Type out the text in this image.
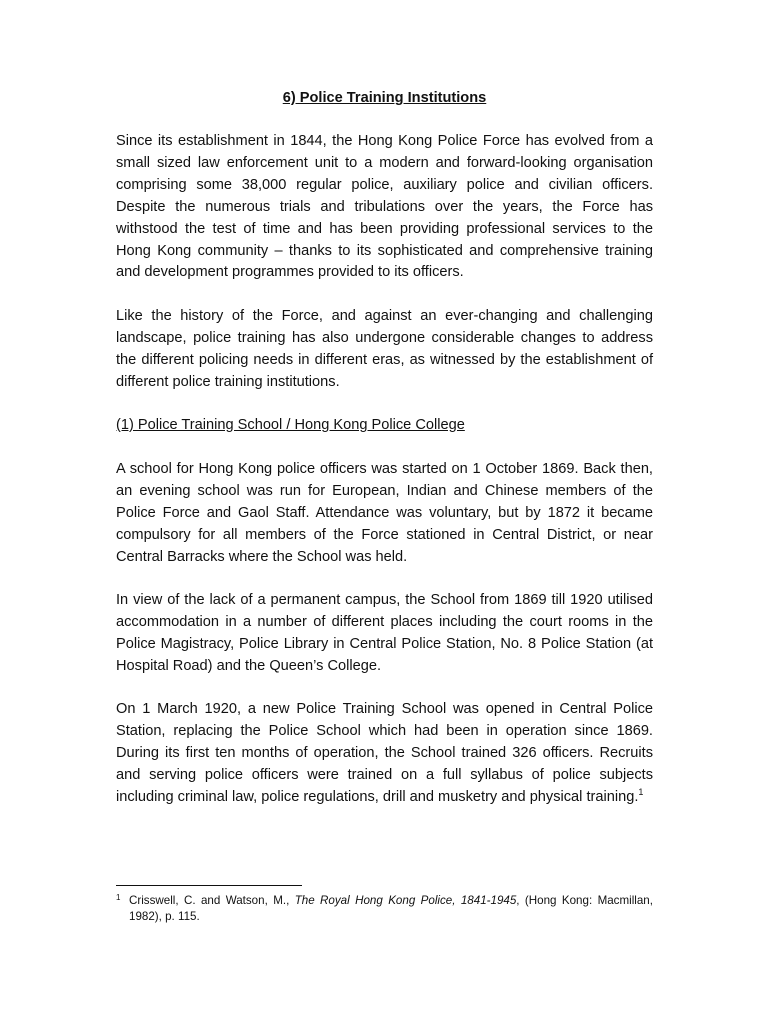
6) Police Training Institutions

Since its establishment in 1844, the Hong Kong Police Force has evolved from a small sized law enforcement unit to a modern and forward-looking organisation comprising some 38,000 regular police, auxiliary police and civilian officers. Despite the numerous trials and tribulations over the years, the Force has withstood the test of time and has been providing professional services to the Hong Kong community – thanks to its sophisticated and comprehensive training and development programmes provided to its officers.

Like the history of the Force, and against an ever-changing and challenging landscape, police training has also undergone considerable changes to address the different policing needs in different eras, as witnessed by the establishment of different police training institutions.

(1) Police Training School / Hong Kong Police College

A school for Hong Kong police officers was started on 1 October 1869. Back then, an evening school was run for European, Indian and Chinese members of the Police Force and Gaol Staff. Attendance was voluntary, but by 1872 it became compulsory for all members of the Force stationed in Central District, or near Central Barracks where the School was held.

In view of the lack of a permanent campus, the School from 1869 till 1920 utilised accommodation in a number of different places including the court rooms in the Police Magistracy, Police Library in Central Police Station, No. 8 Police Station (at Hospital Road) and the Queen’s College.

On 1 March 1920, a new Police Training School was opened in Central Police Station, replacing the Police School which had been in operation since 1869. During its first ten months of operation, the School trained 326 officers. Recruits and serving police officers were trained on a full syllabus of police subjects including criminal law, police regulations, drill and musketry and physical training.$^1$

1 Crisswell, C. and Watson, M., The Royal Hong Kong Police, 1841-1945, (Hong Kong: Macmillan, 1982), p. 115.
